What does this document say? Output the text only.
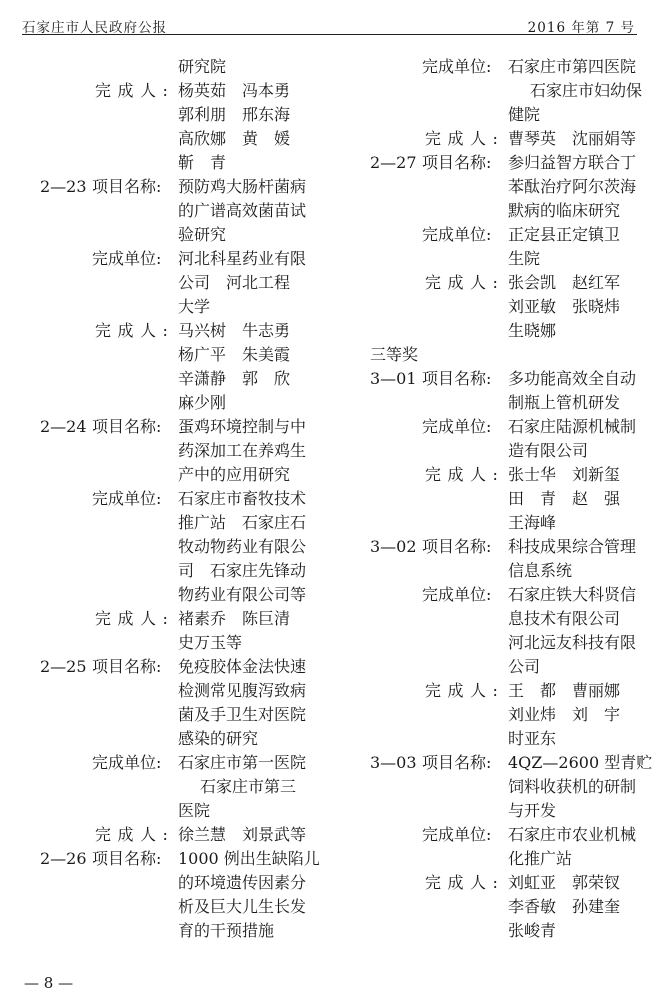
石家庄市人民政府公报	2016 年第 7 号
研究院
完成人: 杨英茹　冯本勇
郭利朋　邢东海
高欣娜　黄　媛
靳　青
2—23 项目名称: 预防鸡大肠杆菌病
的广谱高效菌苗试
验研究
完成单位: 河北科星药业有限
公司　河北工程
大学
完成人: 马兴树　牛志勇
杨广平　朱美霞
辛潇静　郭　欣
麻少刚
2—24 项目名称: 蛋鸡环境控制与中
药深加工在养鸡生
产中的应用研究
完成单位: 石家庄市畜牧技术
推广站　石家庄石
牧动物药业有限公
司　石家庄先锋动
物药业有限公司等
完成人: 褚素乔　陈巨清
史万玉等
2—25 项目名称: 免疫胶体金法快速
检测常见腹泻致病
菌及手卫生对医院
感染的研究
完成单位: 石家庄市第一医院
石家庄市第三
医院
完成人: 徐兰慧　刘景武等
2—26 项目名称: 1000 例出生缺陷儿
的环境遗传因素分
析及巨大儿生长发
育的干预措施
完成单位: 石家庄市第四医院
石家庄市妇幼保
健院
完成人: 曹琴英　沈丽娟等
2—27 项目名称: 参归益智方联合丁
苯酞治疗阿尔茨海
默病的临床研究
完成单位: 正定县正定镇卫
生院
完成人: 张会凯　赵红军
刘亚敏　张晓炜
生晓娜
三等奖
3—01 项目名称: 多功能高效全自动
制瓶上管机研发
完成单位: 石家庄陆源机械制
造有限公司
完成人: 张士华　刘新玺
田　青　赵　强
王海峰
3—02 项目名称: 科技成果综合管理
信息系统
完成单位: 石家庄铁大科贤信
息技术有限公司
河北远友科技有限
公司
完成人: 王　都　曹丽娜
刘业炜　刘　宇
时亚东
3—03 项目名称: 4QZ—2600 型青贮
饲料收获机的研制
与开发
完成单位: 石家庄市农业机械
化推广站
完成人: 刘虹亚　郭荣钗
李香敏　孙建奎
张峻青
— 8 —
